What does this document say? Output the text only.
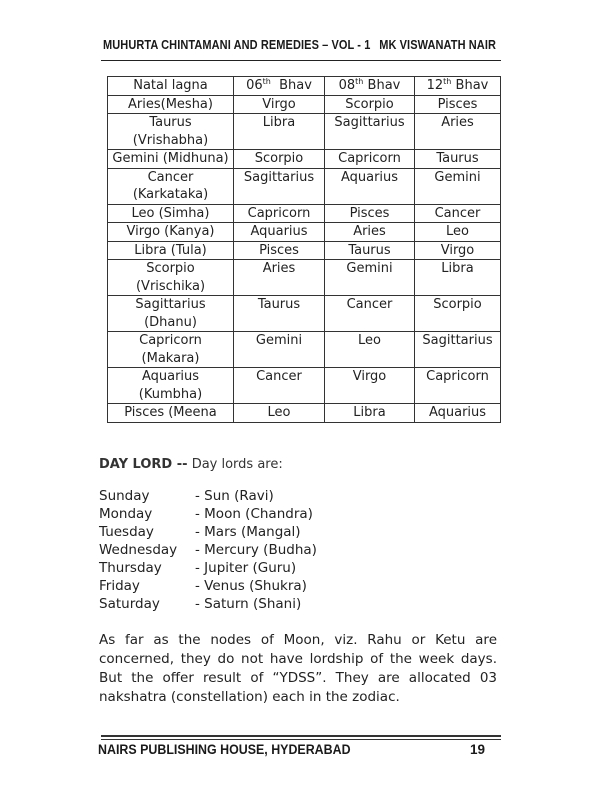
MUHURTA CHINTAMANI AND REMEDIES – VOL - 1 MK VISWANATH NAIR
Natal lagna	06th Bhav	08th Bhav	12th Bhav
Aries(Mesha)	Virgo	Scorpio	Pisces
Taurus (Vrishabha)	Libra	Sagittarius	Aries
Gemini (Midhuna)	Scorpio	Capricorn	Taurus
Cancer (Karkataka)	Sagittarius	Aquarius	Gemini
Leo (Simha)	Capricorn	Pisces	Cancer
Virgo (Kanya)	Aquarius	Aries	Leo
Libra (Tula)	Pisces	Taurus	Virgo
Scorpio (Vrischika)	Aries	Gemini	Libra
Sagittarius (Dhanu)	Taurus	Cancer	Scorpio
Capricorn (Makara)	Gemini	Leo	Sagittarius
Aquarius (Kumbha)	Cancer	Virgo	Capricorn
Pisces (Meena	Leo	Libra	Aquarius
DAY LORD -- Day lords are:
Sunday	- Sun (Ravi)
Monday	- Moon (Chandra)
Tuesday	- Mars (Mangal)
Wednesday - Mercury (Budha)
Thursday - Jupiter (Guru)
Friday	- Venus (Shukra)
Saturday	- Saturn (Shani)

As far as the nodes of Moon, viz. Rahu or Ketu are concerned, they do not have lordship of the week days. But the offer result of “YDSS”. They are allocated 03 nakshatra (constellation) each in the zodiac.

NAIRS PUBLISHING HOUSE, HYDERABAD	19
